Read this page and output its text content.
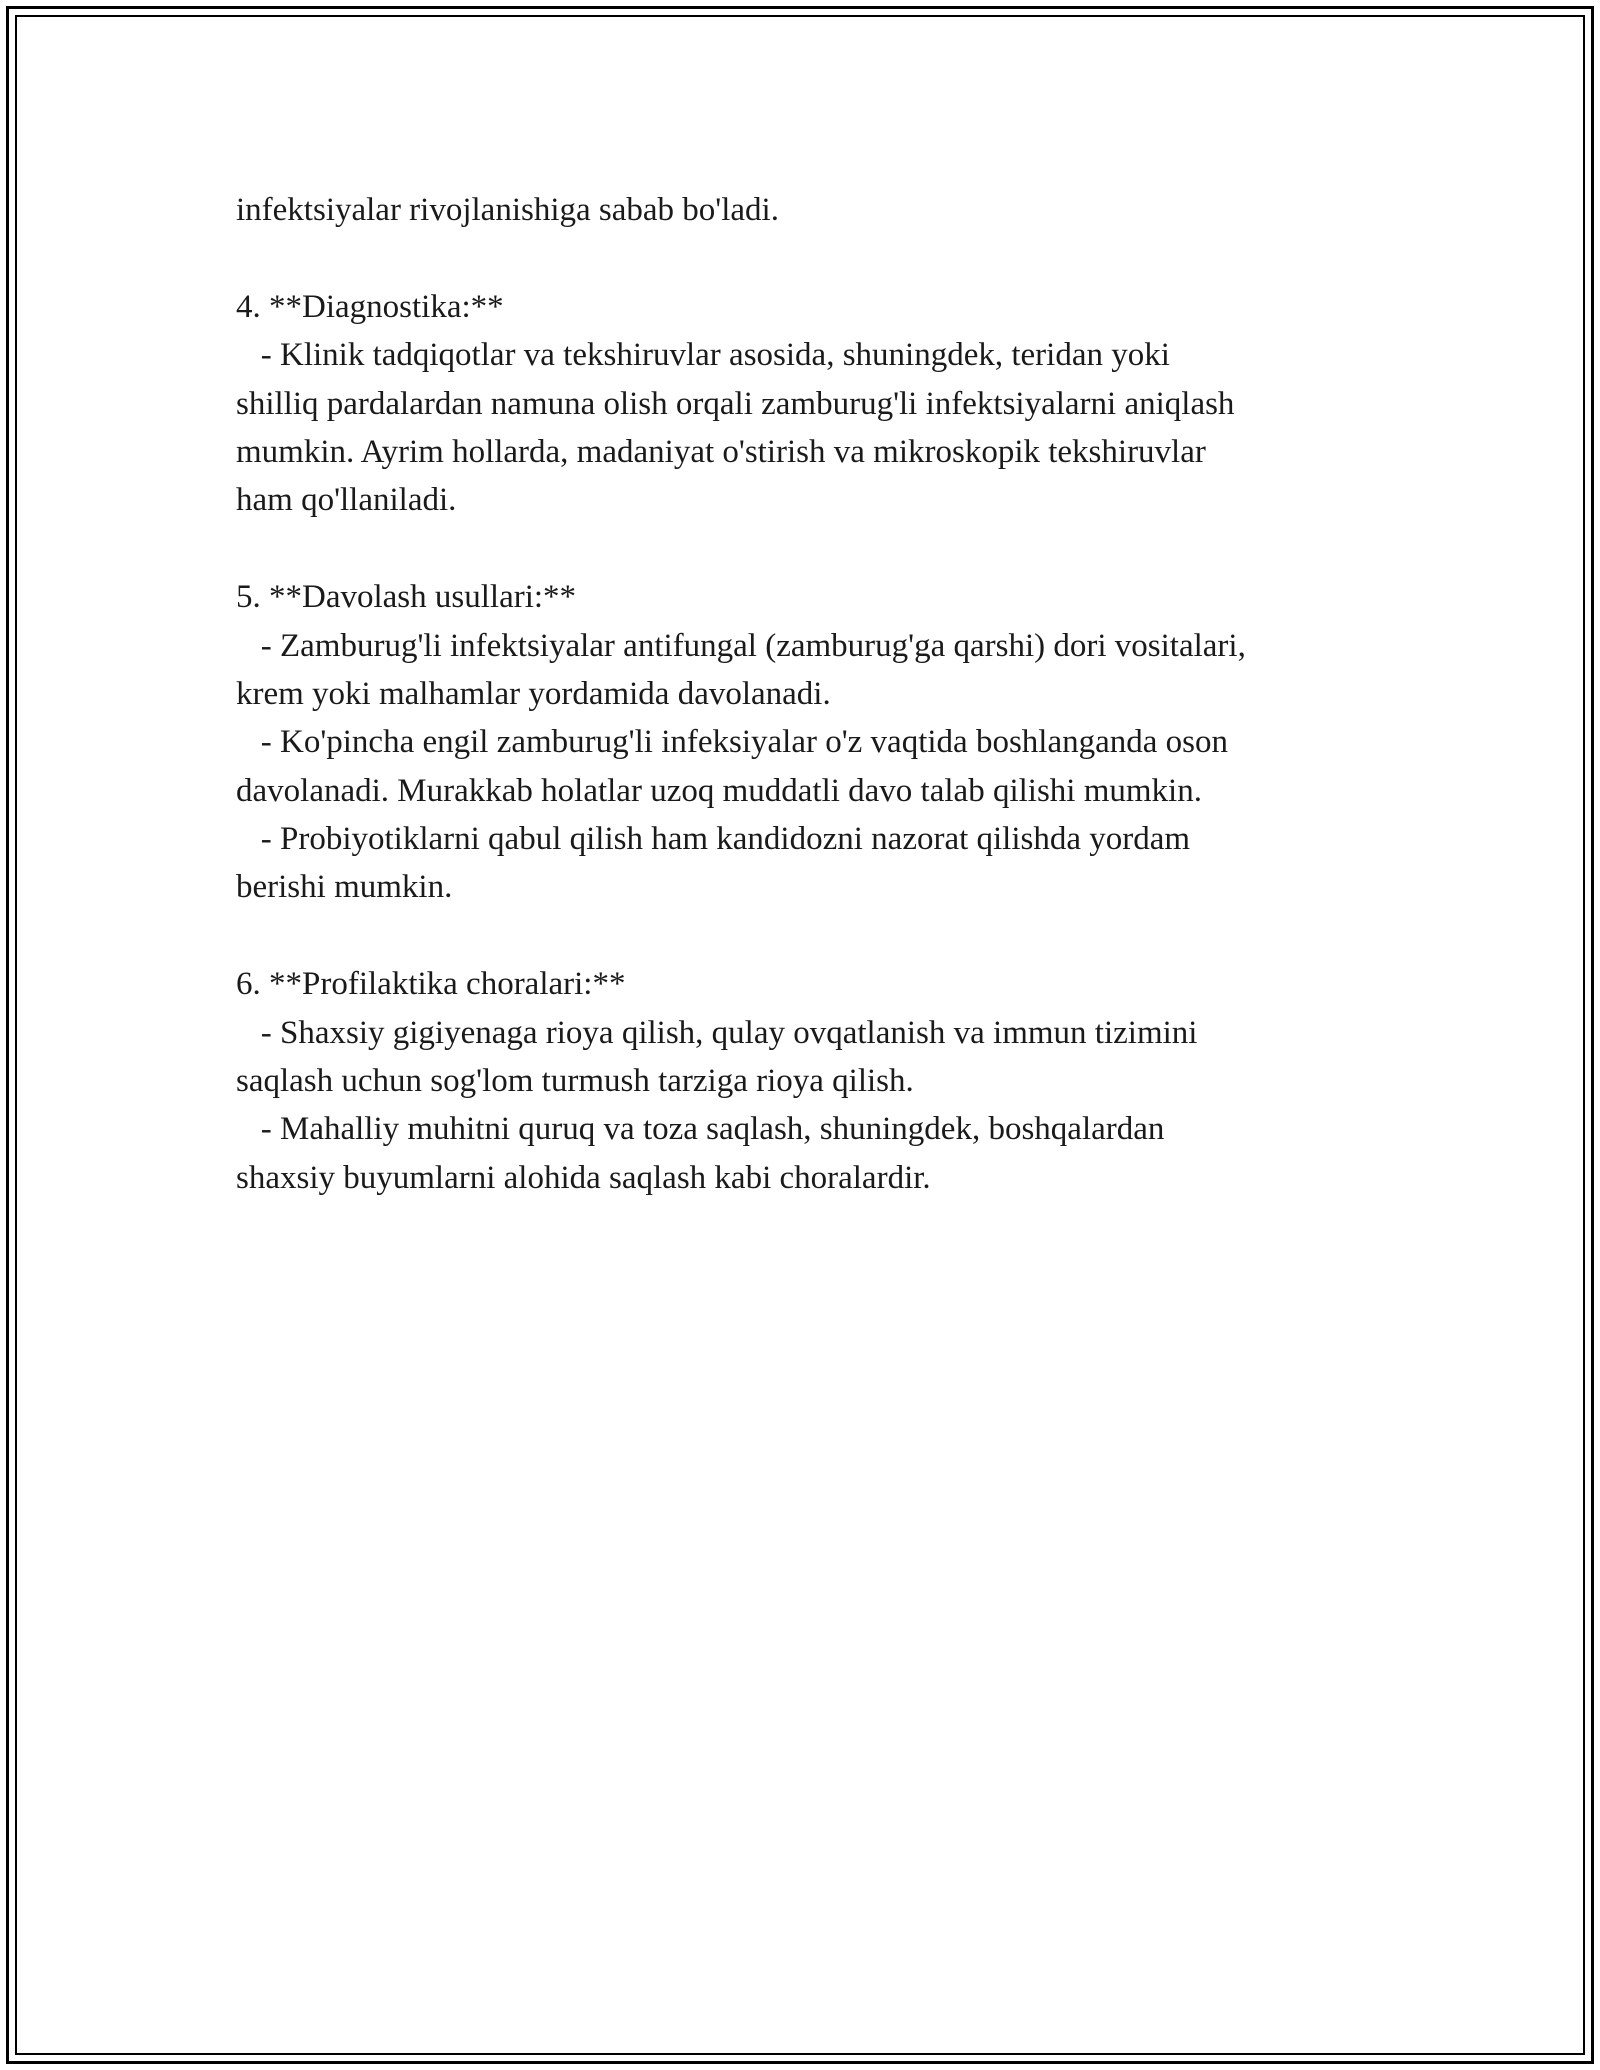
infektsiyalar rivojlanishiga sabab bo'ladi.
4. **Diagnostika:**
- Klinik tadqiqotlar va tekshiruvlar asosida, shuningdek, teridan yoki
shilliq pardalardan namuna olish orqali zamburug'li infektsiyalarni aniqlash
mumkin. Ayrim hollarda, madaniyat o'stirish va mikroskopik tekshiruvlar
ham qo'llaniladi.
5. **Davolash usullari:**
- Zamburug'li infektsiyalar antifungal (zamburug'ga qarshi) dori vositalari,
krem yoki malhamlar yordamida davolanadi.
- Ko'pincha engil zamburug'li infeksiyalar o'z vaqtida boshlanganda oson
davolanadi. Murakkab holatlar uzoq muddatli davo talab qilishi mumkin.
- Probiyotiklarni qabul qilish ham kandidozni nazorat qilishda yordam
berishi mumkin.
6. **Profilaktika choralari:**
- Shaxsiy gigiyenaga rioya qilish, qulay ovqatlanish va immun tizimini
saqlash uchun sog'lom turmush tarziga rioya qilish.
- Mahalliy muhitni quruq va toza saqlash, shuningdek, boshqalardan
shaxsiy buyumlarni alohida saqlash kabi choralardir.
